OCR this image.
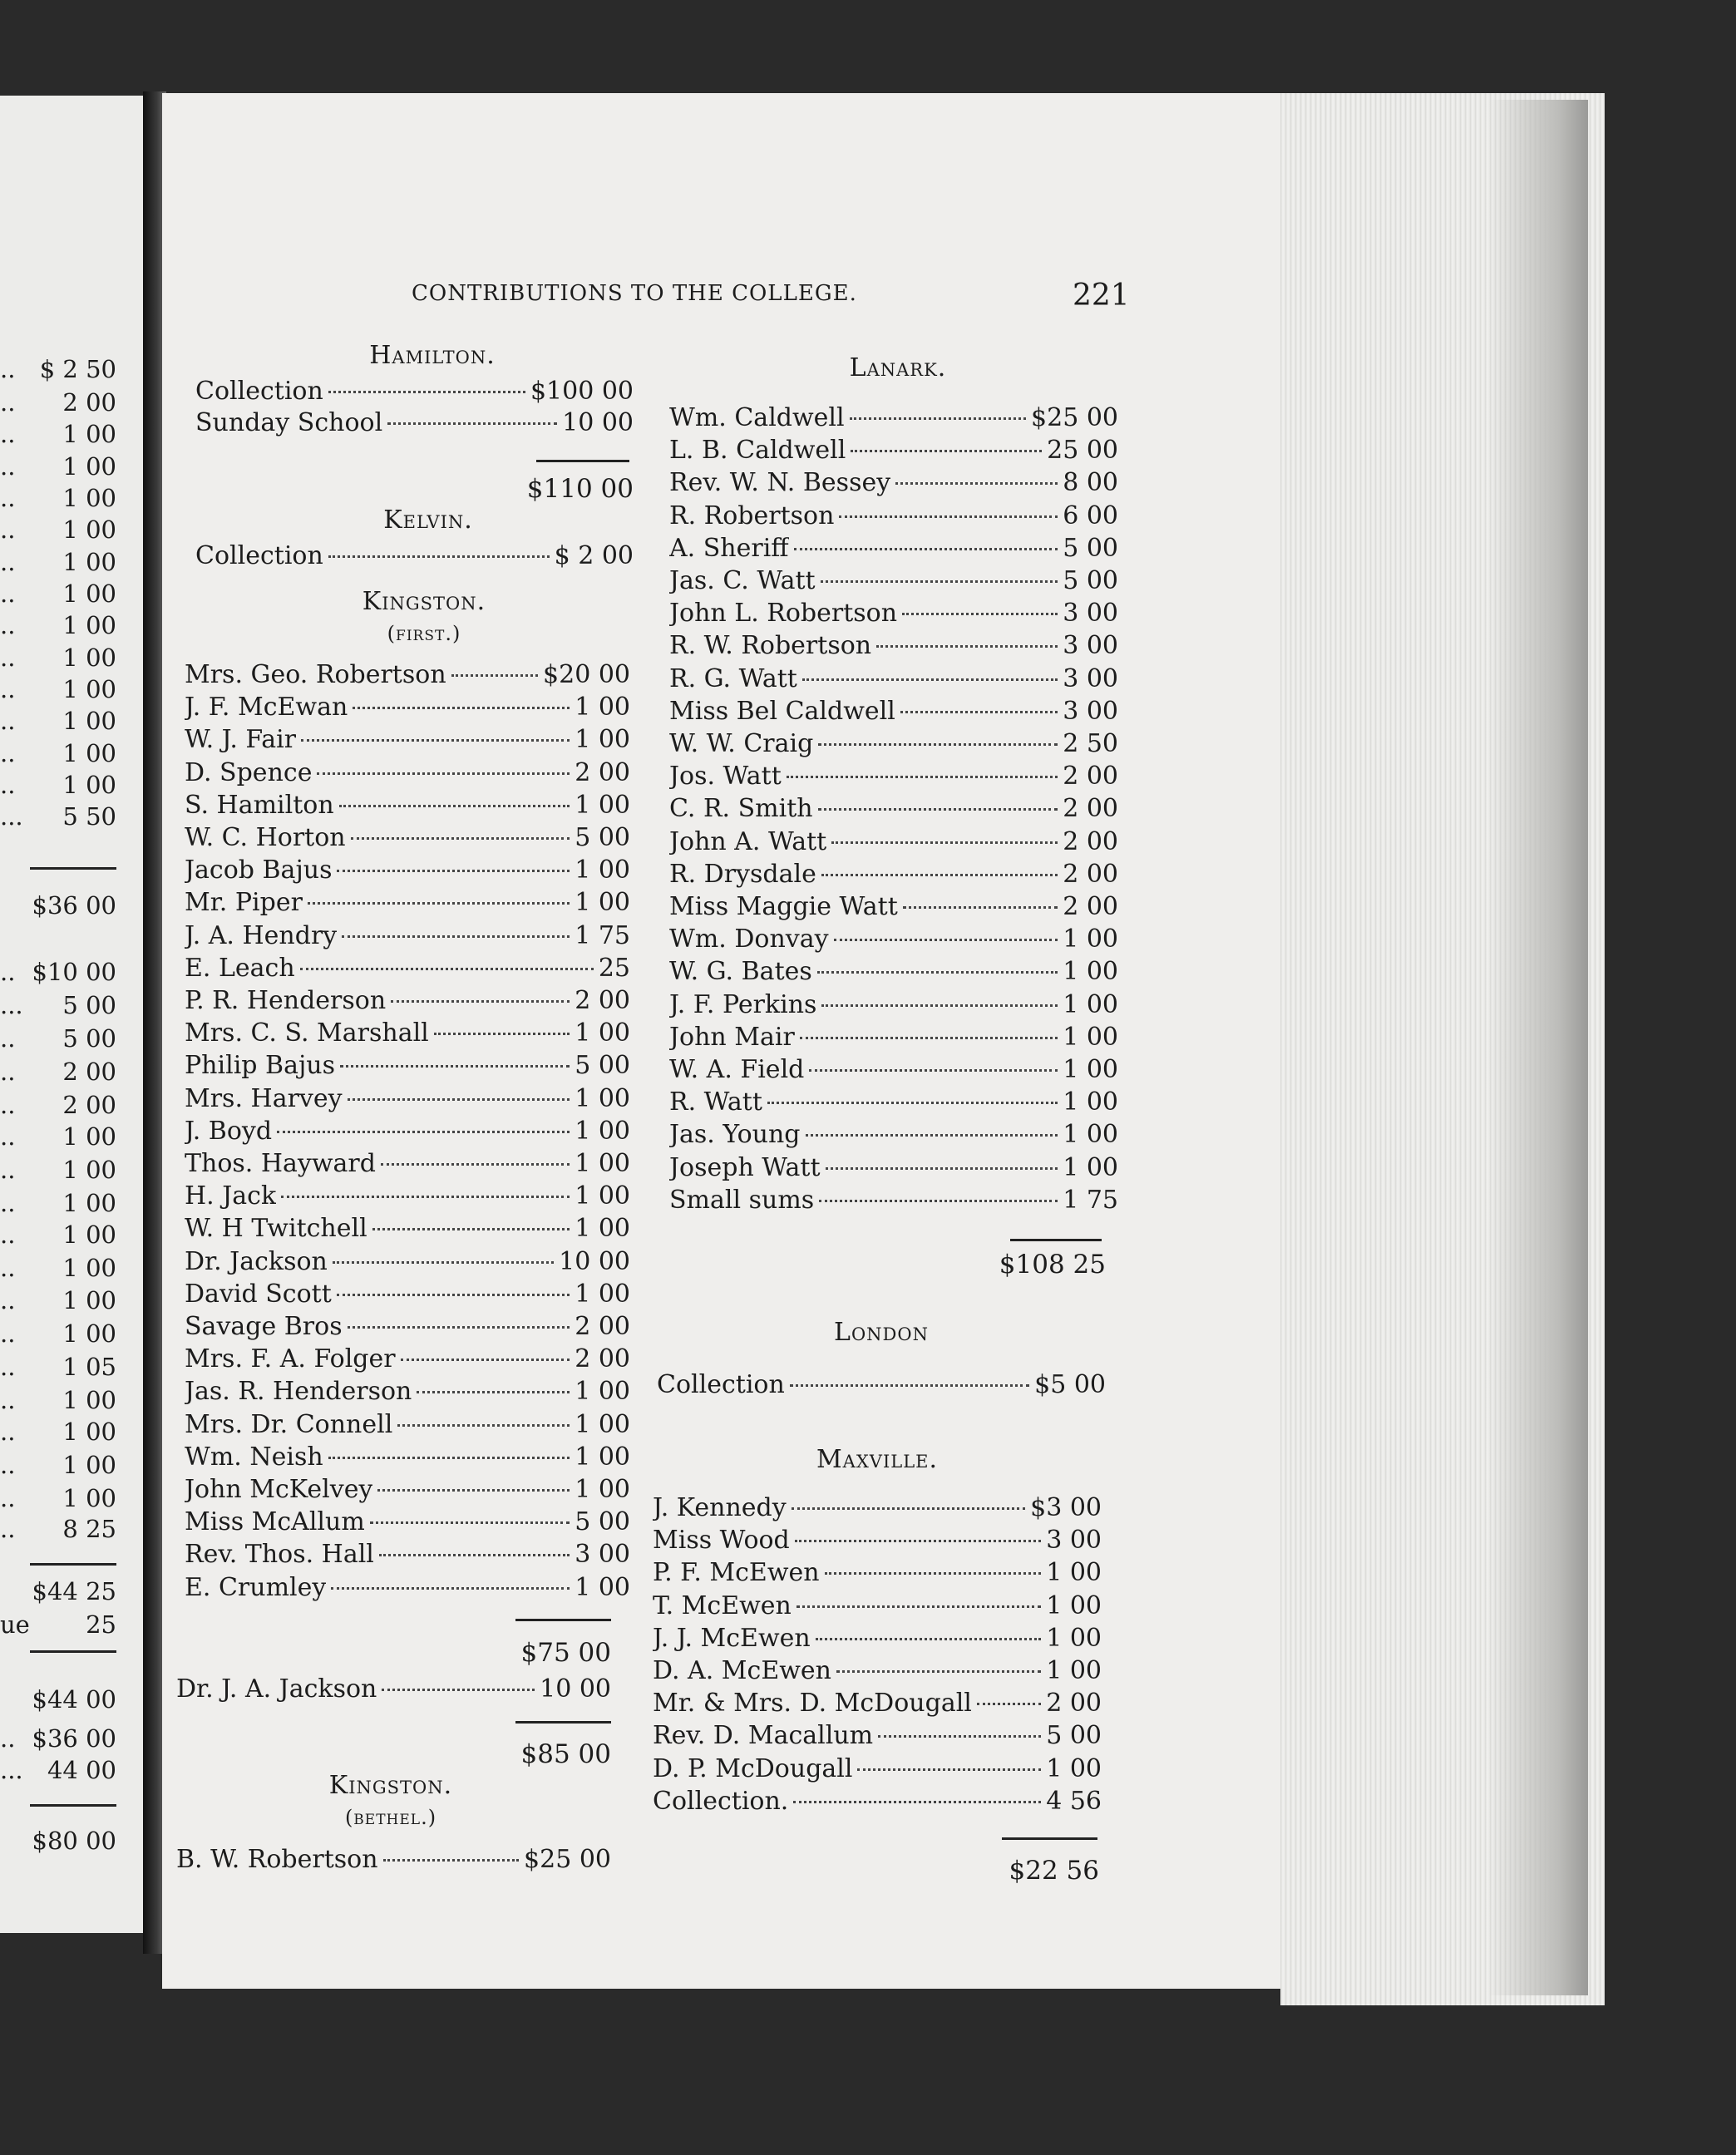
.. $ 2 50
.. 2 00
.. 1 00
.. 1 00
.. 1 00
.. 1 00
.. 1 00
.. 1 00
.. 1 00
.. 1 00
.. 1 00
.. 1 00
.. 1 00
.. 1 00
... 5 50
$36 00
.. $10 00
... 5 00
.. 5 00
.. 2 00
.. 2 00
.. 1 00
.. 1 00
.. 1 00
.. 1 00
.. 1 00
.. 1 00
.. 1 00
.. 1 05
.. 1 00
.. 1 00
.. 1 00
.. 1 00
.. 8 25
$44 25
ue 25
$44 00
.. $36 00
... 44 00
$80 00
CONTRIBUTIONS TO THE COLLEGE.	221
Hamilton.
Collection	$100 00
Sunday School	10 00
$110 00
Kelvin.
Collection	$ 2 00
Kingston.
(first.)
Mrs. Geo. Robertson	$20 00
J. F. McEwan	1 00
W. J. Fair	1 00
D. Spence	2 00
S. Hamilton	1 00
W. C. Horton	5 00
Jacob Bajus	1 00
Mr. Piper	1 00
J. A. Hendry	1 75
E. Leach	25
P. R. Henderson	2 00
Mrs. C. S. Marshall	1 00
Philip Bajus	5 00
Mrs. Harvey	1 00
J. Boyd	1 00
Thos. Hayward	1 00
H. Jack	1 00
W. H Twitchell	1 00
Dr. Jackson	10 00
David Scott	1 00
Savage Bros	2 00
Mrs. F. A. Folger	2 00
Jas. R. Henderson	1 00
Mrs. Dr. Connell	1 00
Wm. Neish	1 00
John McKelvey	1 00
Miss McAllum	5 00
Rev. Thos. Hall	3 00
E. Crumley	1 00
$75 00
Dr. J. A. Jackson	10 00
$85 00
Kingston.
(bethel.)
B. W. Robertson	$25 00
Lanark.
Wm. Caldwell	$25 00
L. B. Caldwell	25 00
Rev. W. N. Bessey	8 00
R. Robertson	6 00
A. Sheriff	5 00
Jas. C. Watt	5 00
John L. Robertson	3 00
R. W. Robertson	3 00
R. G. Watt	3 00
Miss Bel Caldwell	3 00
W. W. Craig	2 50
Jos. Watt	2 00
C. R. Smith	2 00
John A. Watt	2 00
R. Drysdale	2 00
Miss Maggie Watt	2 00
Wm. Donvay	1 00
W. G. Bates	1 00
J. F. Perkins	1 00
John Mair	1 00
W. A. Field	1 00
R. Watt	1 00
Jas. Young	1 00
Joseph Watt	1 00
Small sums	1 75
$108 25
London
Collection	$5 00
Maxville.
J. Kennedy	$3 00
Miss Wood	3 00
P. F. McEwen	1 00
T. McEwen	1 00
J. J. McEwen	1 00
D. A. McEwen	1 00
Mr. & Mrs. D. McDougall	2 00
Rev. D. Macallum	5 00
D. P. McDougall	1 00
Collection.	4 56
$22 56
